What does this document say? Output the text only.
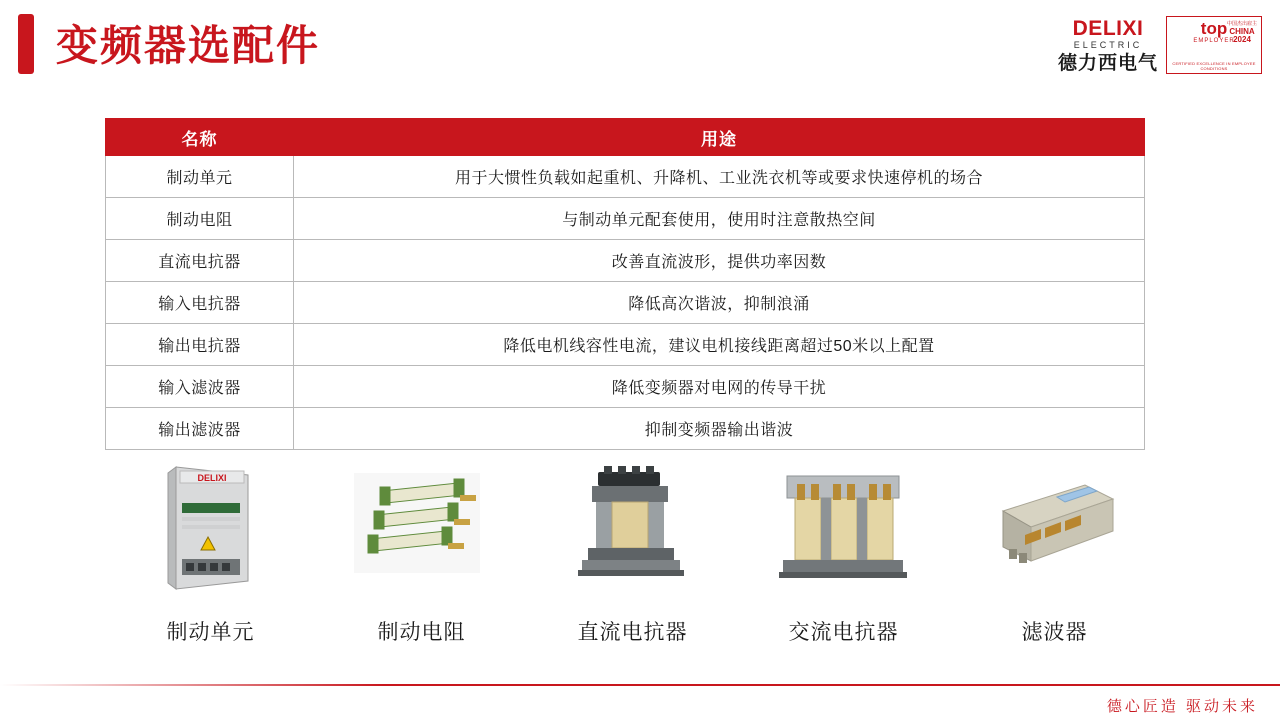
变频器选配件	DELIXI
ELECTRIC
德力西电气
top
EMPLOYER
中国杰出雇主
CHINA
2024
CERTIFIED EXCELLENCE IN EMPLOYEE CONDITIONS
名称	用途
制动单元	用于大惯性负载如起重机、升降机、工业洗衣机等或要求快速停机的场合
制动电阻	与制动单元配套使用，使用时注意散热空间
直流电抗器	改善直流波形，提供功率因数
输入电抗器	降低高次谐波，抑制浪涌
输出电抗器	降低电机线容性电流，建议电机接线距离超过50米以上配置
输入滤波器	降低变频器对电网的传导干扰
输出滤波器	抑制变频器输出谐波
DELIXI
制动单元	制动电阻	直流电抗器	交流电抗器	滤波器
德心匠造 驱动未来
